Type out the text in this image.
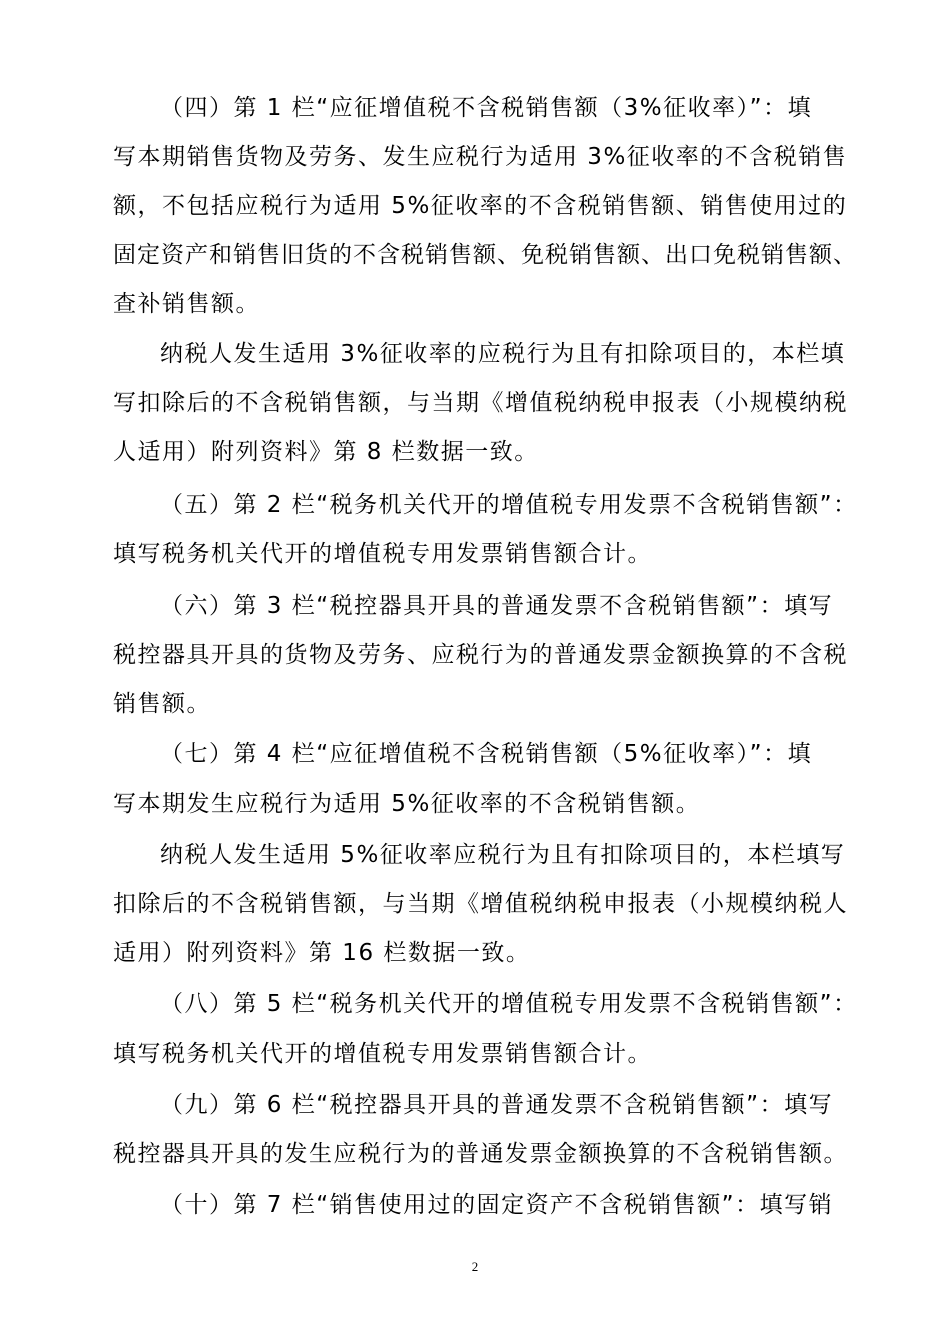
（四）第 1 栏“应征增值税不含税销售额（3%征收率）”：填
写本期销售货物及劳务、发生应税行为适用 3%征收率的不含税销售
额，不包括应税行为适用 5%征收率的不含税销售额、销售使用过的
固定资产和销售旧货的不含税销售额、免税销售额、出口免税销售额、
查补销售额。
纳税人发生适用 3%征收率的应税行为且有扣除项目的，本栏填
写扣除后的不含税销售额，与当期《增值税纳税申报表（小规模纳税
人适用）附列资料》第 8 栏数据一致。
（五）第 2 栏“税务机关代开的增值税专用发票不含税销售额”：
填写税务机关代开的增值税专用发票销售额合计。
（六）第 3 栏“税控器具开具的普通发票不含税销售额”：填写
税控器具开具的货物及劳务、应税行为的普通发票金额换算的不含税
销售额。
（七）第 4 栏“应征增值税不含税销售额（5%征收率）”：填
写本期发生应税行为适用 5%征收率的不含税销售额。
纳税人发生适用 5%征收率应税行为且有扣除项目的，本栏填写
扣除后的不含税销售额，与当期《增值税纳税申报表（小规模纳税人
适用）附列资料》第 16 栏数据一致。
（八）第 5 栏“税务机关代开的增值税专用发票不含税销售额”：
填写税务机关代开的增值税专用发票销售额合计。
（九）第 6 栏“税控器具开具的普通发票不含税销售额”：填写
税控器具开具的发生应税行为的普通发票金额换算的不含税销售额。
（十）第 7 栏“销售使用过的固定资产不含税销售额”：填写销
2
